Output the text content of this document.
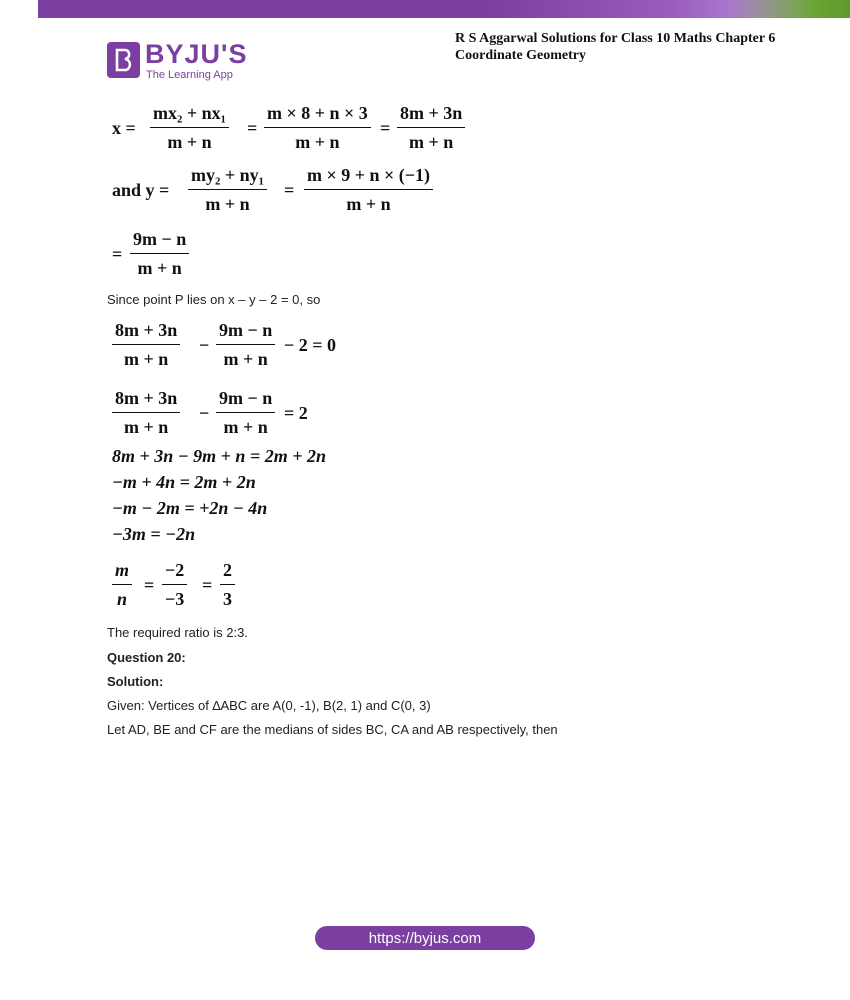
BYJU'S
The Learning App
R S Aggarwal Solutions for Class 10 Maths Chapter 6
Coordinate Geometry
$x = \frac{\text{mx₂ + nx₁}}{m + n} = \frac{m \times 8 + n \times 3}{m + n} = \frac{8m + 3n}{m + n}$
and $y = \frac{\text{my₂ + ny₁}}{m + n} = \frac{m \times 9 + n \times (-1)}{m + n}$
= $\frac{9m - n}{m + n}$
Since point P lies on x – y – 2 = 0, so
$\frac{8m + 3n}{m + n} - \frac{9m - n}{m + n} - 2 = 0$
$\frac{8m + 3n}{m + n} - \frac{9m - n}{m + n} = 2$
8m + 3n − 9m + n = 2m + 2n
−m + 4n = 2m + 2n
−m − 2m = +2n − 4n
−3m = −2n
$\frac{m}{n} = \frac{-2}{-3} = \frac{2}{3}$
The required ratio is 2:3.
Question 20:
Solution:
Given: Vertices of ∆ABC are A(0, -1), B(2, 1) and C(0, 3)
Let AD, BE and CF are the medians of sides BC, CA and AB respectively, then
https://byjus.com
